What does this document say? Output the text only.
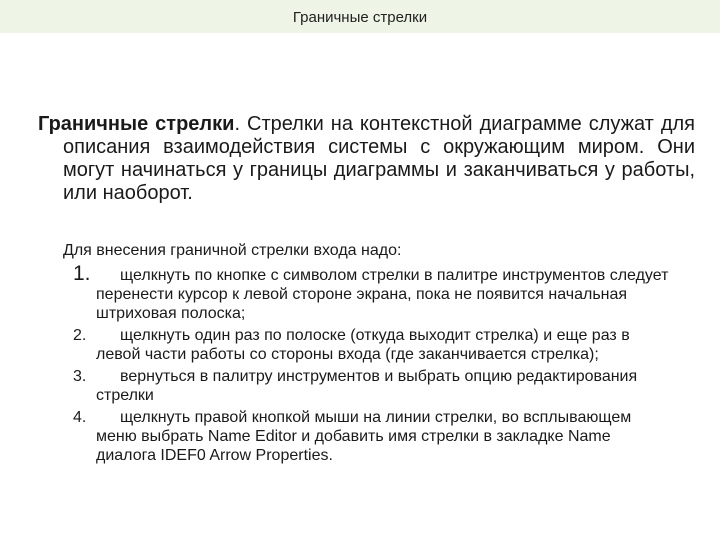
Граничные стрелки
Граничные стрелки. Стрелки на контекстной диаграмме служат для описания взаимодействия системы с окружающим миром. Они могут начинаться у границы диаграммы и заканчиваться у работы, или наоборот.
Для внесения граничной стрелки входа надо:
1.	щелкнуть по кнопке с символом стрелки в палитре инструментов следует перенести курсор к левой стороне экрана, пока не появится начальная штриховая полоска;
2.	щелкнуть один раз по полоске (откуда выходит стрелка) и еще раз в левой части работы со стороны входа (где заканчивается стрелка);
3.	вернуться в палитру инструментов и выбрать опцию редактирования стрелки
4.	щелкнуть правой кнопкой мыши на линии стрелки, во всплывающем меню выбрать Name Editor и добавить имя стрелки в закладке Name диалога IDEF0 Arrow Properties.
